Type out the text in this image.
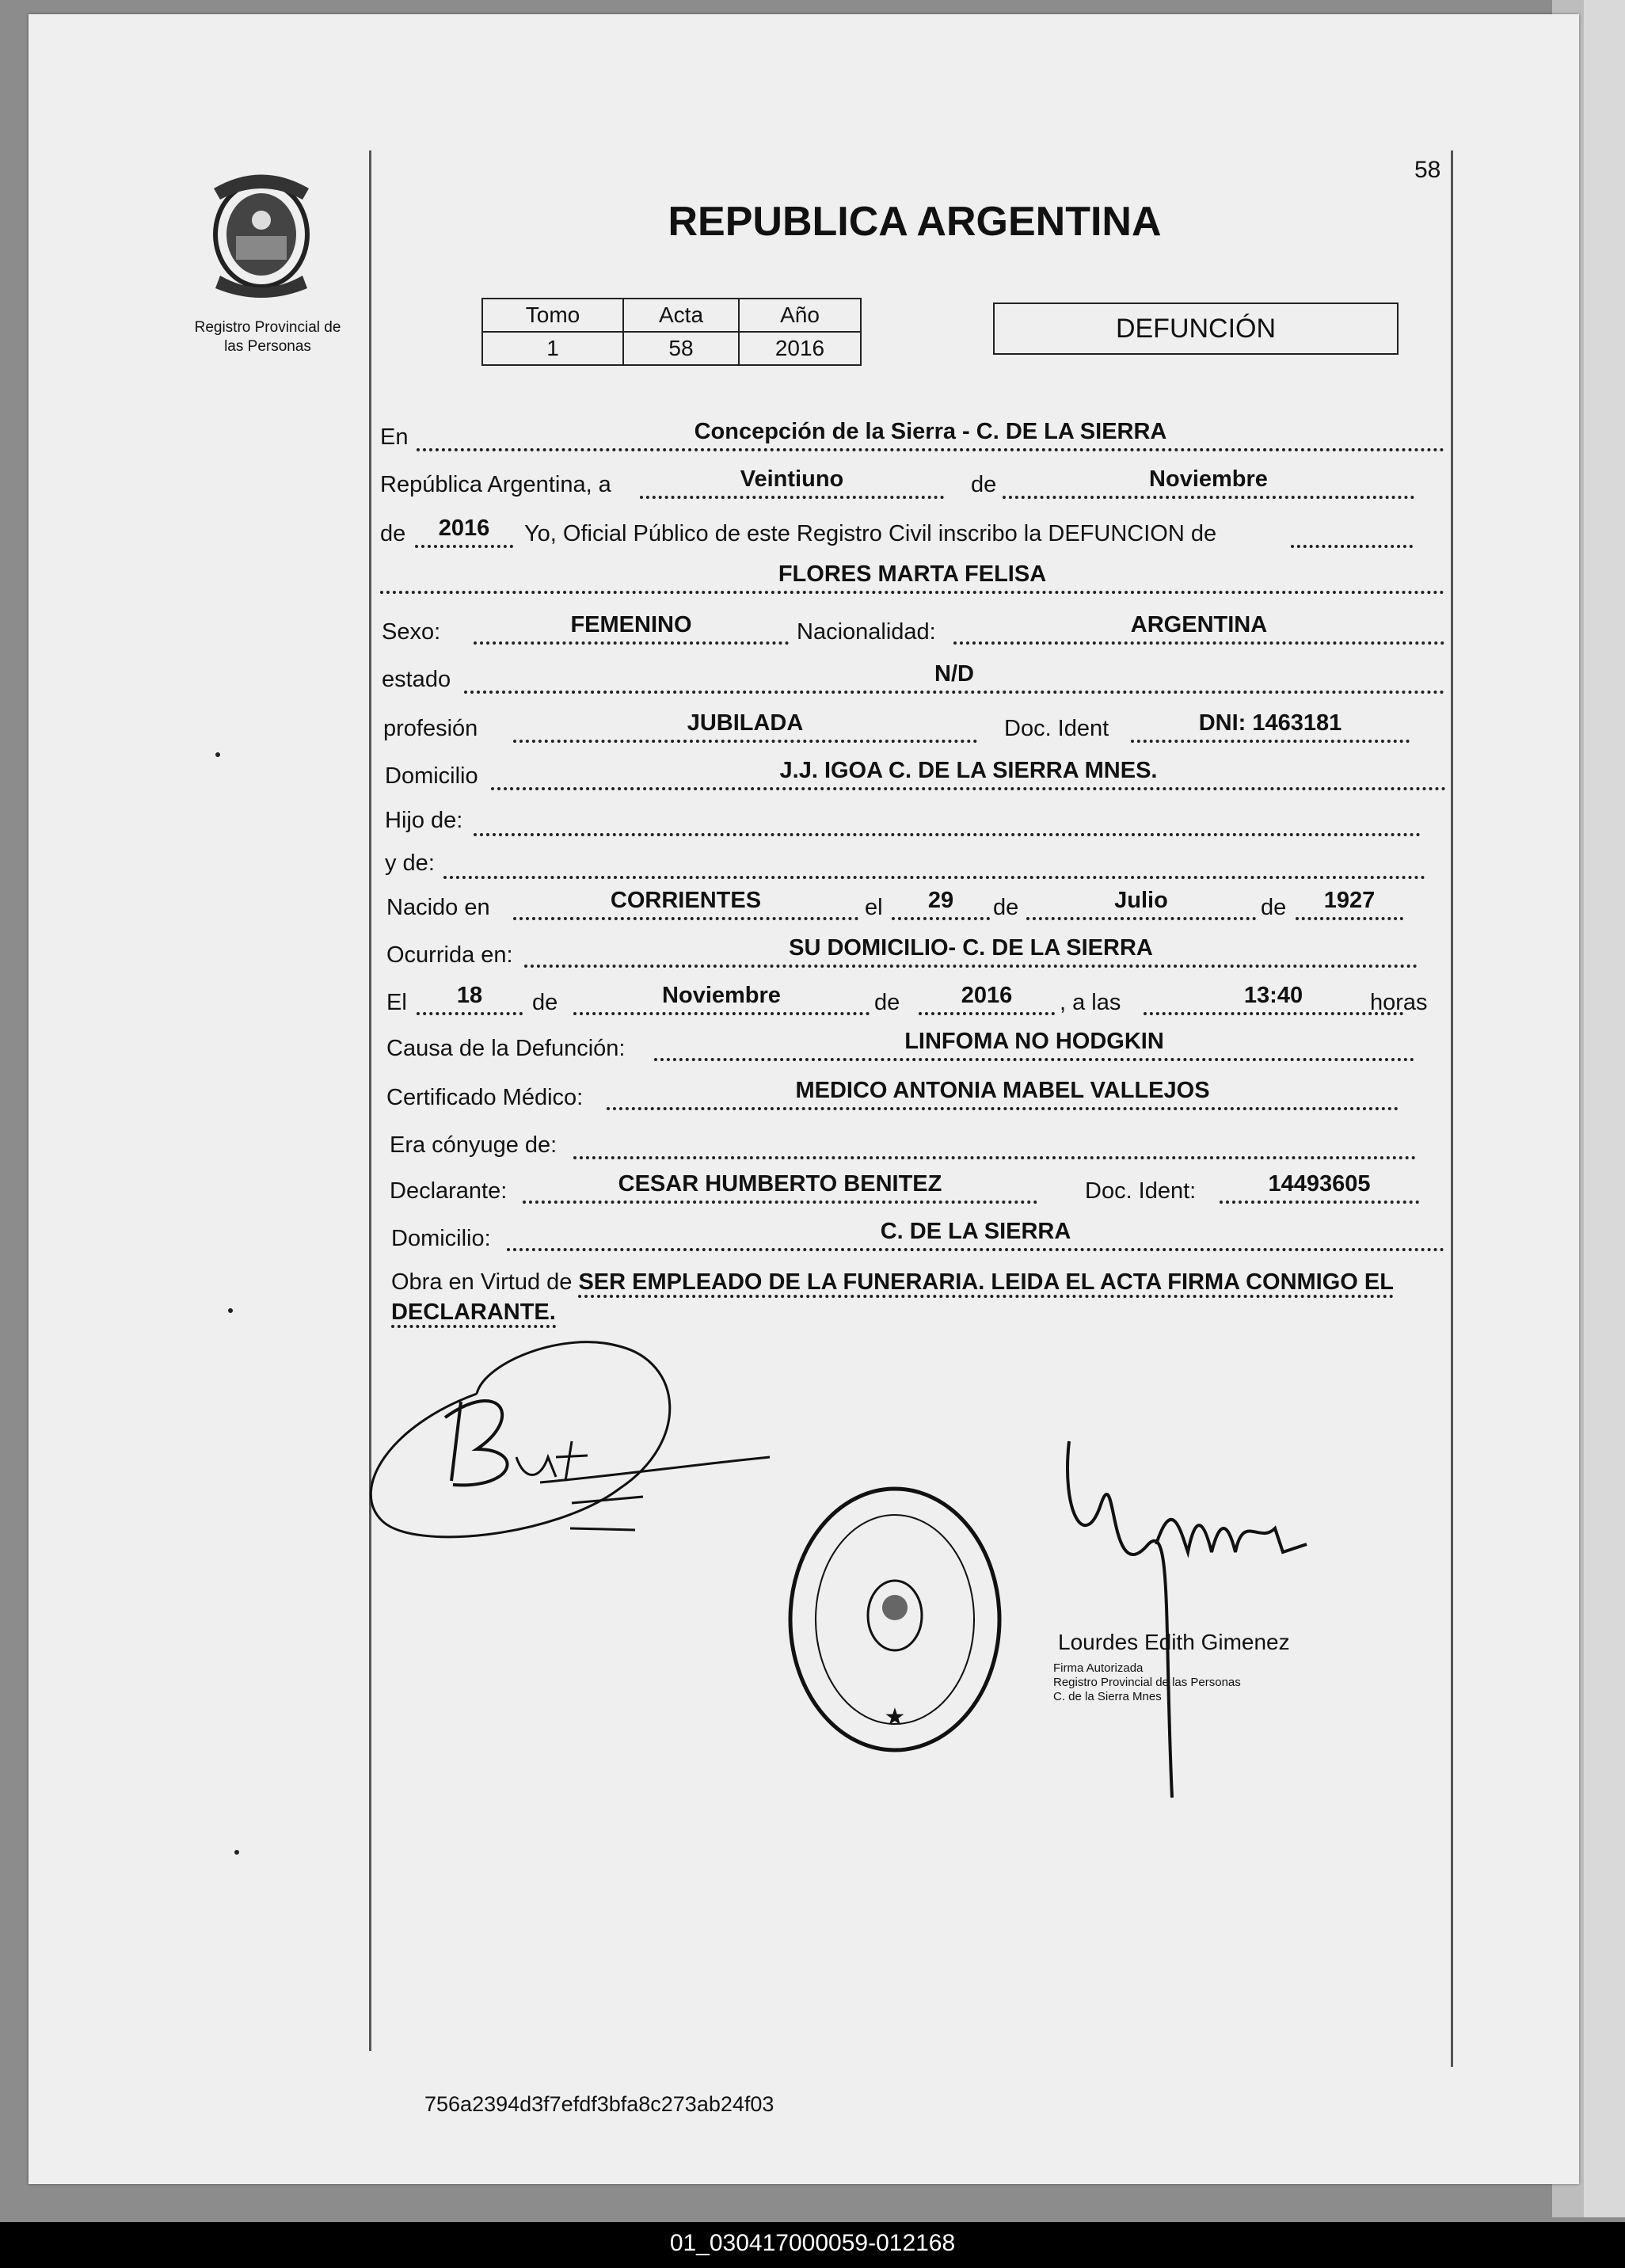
58
Registro Provincial de
las Personas
REPUBLICA ARGENTINA
Tomo	Acta	Año
1	58	2016
DEFUNCIÓN
En	Concepción de la Sierra - C. DE LA SIERRA
República Argentina, a	Veintiuno	de	Noviembre
de	2016	Yo, Oficial Público de este Registro Civil inscribo la DEFUNCION de
FLORES MARTA FELISA
Sexo:	FEMENINO	Nacionalidad:	ARGENTINA
estado	N/D
profesión	JUBILADA	Doc. Ident	DNI: 1463181
Domicilio	J.J. IGOA C. DE LA SIERRA MNES.
Hijo de:
y de:
Nacido en	CORRIENTES	el	29	de	Julio	de	1927
Ocurrida en:	SU DOMICILIO- C. DE LA SIERRA
El	18	de	Noviembre	de	2016	, a las	13:40	horas
Causa de la Defunción:	LINFOMA NO HODGKIN
Certificado Médico:	MEDICO ANTONIA MABEL VALLEJOS
Era cónyuge de:
Declarante:	CESAR HUMBERTO BENITEZ	Doc. Ident:	14493605
Domicilio:	C. DE LA SIERRA
Obra en Virtud de SER EMPLEADO DE LA FUNERARIA. LEIDA EL ACTA FIRMA CONMIGO EL DECLARANTE.
★
Lourdes Edith Gimenez
Firma Autorizada
Registro Provincial de las Personas
C. de la Sierra Mnes
756a2394d3f7efdf3bfa8c273ab24f03
01_030417000059-012168
